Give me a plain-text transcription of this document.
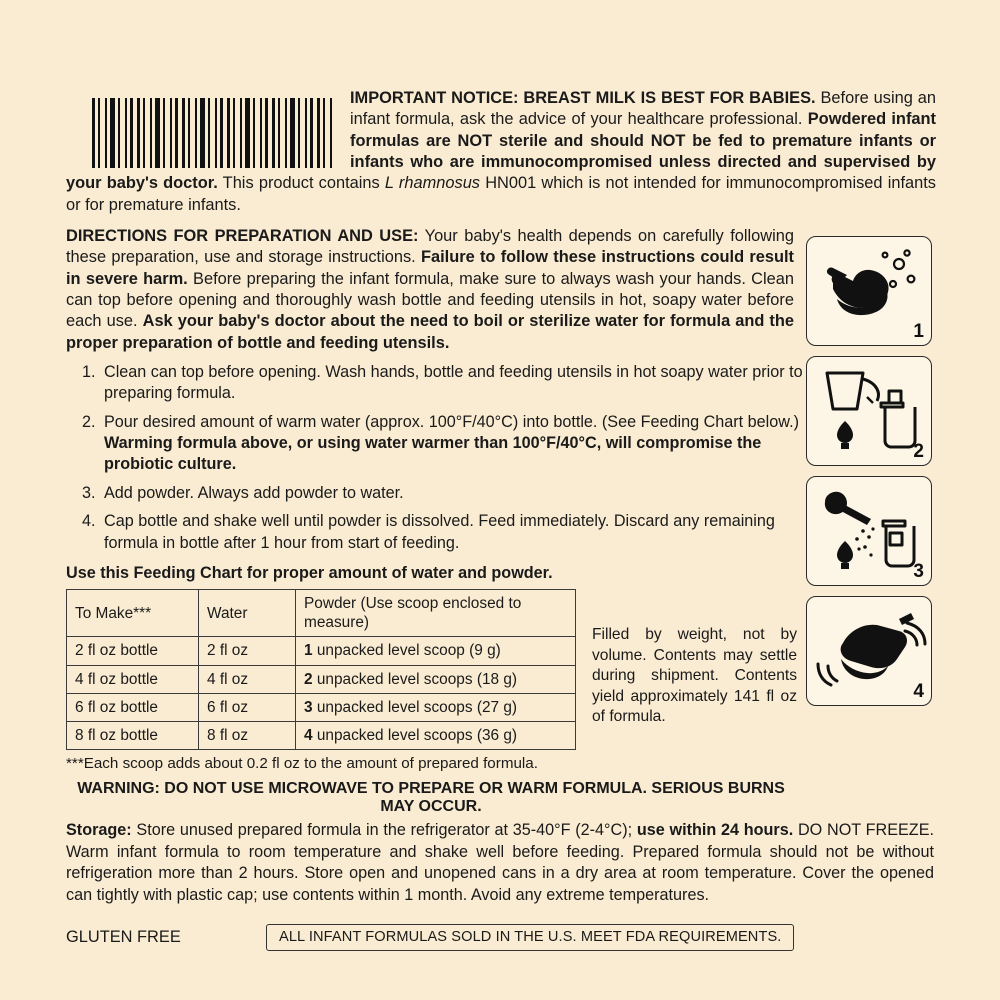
IMPORTANT NOTICE: BREAST MILK IS BEST FOR BABIES. Before using an infant formula, ask the advice of your healthcare professional. Powdered infant formulas are NOT sterile and should NOT be fed to premature infants or infants who are immunocompromised unless directed and supervised by your baby's doctor. This product contains L rhamnosus HN001 which is not intended for immunocompromised infants or for premature infants.
DIRECTIONS FOR PREPARATION AND USE: Your baby's health depends on carefully following these preparation, use and storage instructions. Failure to follow these instructions could result in severe harm. Before preparing the infant formula, make sure to always wash your hands. Clean can top before opening and thoroughly wash bottle and feeding utensils in hot, soapy water before each use. Ask your baby's doctor about the need to boil or sterilize water for formula and the proper preparation of bottle and feeding utensils.
1. Clean can top before opening. Wash hands, bottle and feeding utensils in hot soapy water prior to preparing formula.
2. Pour desired amount of warm water (approx. 100°F/40°C) into bottle. (See Feeding Chart below.) Warming formula above, or using water warmer than 100°F/40°C, will compromise the probiotic culture.
3. Add powder. Always add powder to water.
4. Cap bottle and shake well until powder is dissolved. Feed immediately. Discard any remaining formula in bottle after 1 hour from start of feeding.
Use this Feeding Chart for proper amount of water and powder.
To Make***	Water	Powder (Use scoop enclosed to measure)
2 fl oz bottle	2 fl oz	1 unpacked level scoop (9 g)
4 fl oz bottle	4 fl oz	2 unpacked level scoops (18 g)
6 fl oz bottle	6 fl oz	3 unpacked level scoops (27 g)
8 fl oz bottle	8 fl oz	4 unpacked level scoops (36 g)
Filled by weight, not by volume. Contents may settle during shipment. Contents yield approximately 141 fl oz of formula.
***Each scoop adds about 0.2 fl oz to the amount of prepared formula.
WARNING: DO NOT USE MICROWAVE TO PREPARE OR WARM FORMULA. SERIOUS BURNS MAY OCCUR.
Storage: Store unused prepared formula in the refrigerator at 35-40°F (2-4°C); use within 24 hours. DO NOT FREEZE. Warm infant formula to room temperature and shake well before feeding. Prepared formula should not be without refrigeration more than 2 hours. Store open and unopened cans in a dry area at room temperature. Cover the opened can tightly with plastic cap; use contents within 1 month. Avoid any extreme temperatures.
GLUTEN FREE	ALL INFANT FORMULAS SOLD IN THE U.S. MEET FDA REQUIREMENTS.
1
2
3
4
